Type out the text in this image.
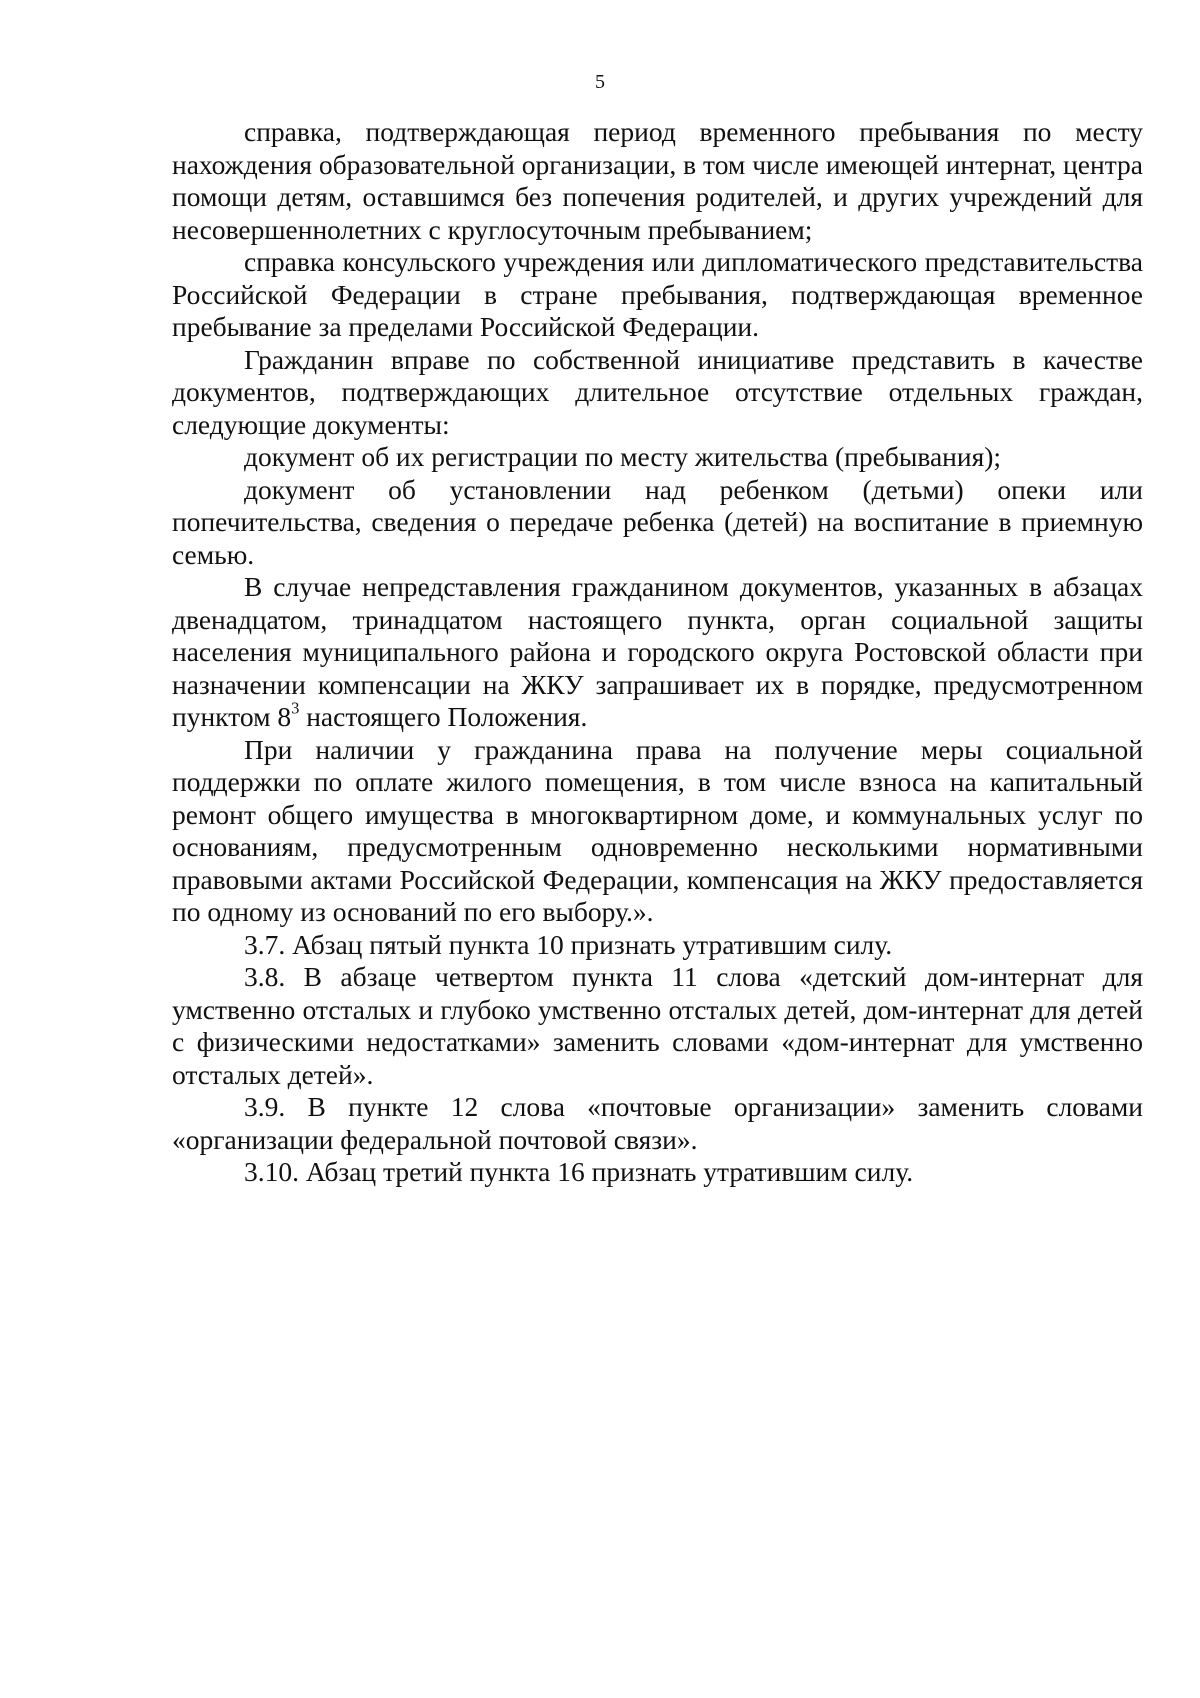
5

справка, подтверждающая период временного пребывания по месту нахождения образовательной организации, в том числе имеющей интернат, центра помощи детям, оставшимся без попечения родителей, и других учреждений для несовершеннолетних с круглосуточным пребыванием;

справка консульского учреждения или дипломатического представительства Российской Федерации в стране пребывания, подтверждающая временное пребывание за пределами Российской Федерации.

Гражданин вправе по собственной инициативе представить в качестве документов, подтверждающих длительное отсутствие отдельных граждан, следующие документы:

документ об их регистрации по месту жительства (пребывания);

документ об установлении над ребенком (детьми) опеки или попечительства, сведения о передаче ребенка (детей) на воспитание в приемную семью.

В случае непредставления гражданином документов, указанных в абзацах двенадцатом, тринадцатом настоящего пункта, орган социальной защиты населения муниципального района и городского округа Ростовской области при назначении компенсации на ЖКУ запрашивает их в порядке, предусмотренном пунктом $8^3$ настоящего Положения.

При наличии у гражданина права на получение меры социальной поддержки по оплате жилого помещения, в том числе взноса на капитальный ремонт общего имущества в многоквартирном доме, и коммунальных услуг по основаниям, предусмотренным одновременно несколькими нормативными правовыми актами Российской Федерации, компенсация на ЖКУ предоставляется по одному из оснований по его выбору.».

3.7. Абзац пятый пункта 10 признать утратившим силу.

3.8. В абзаце четвертом пункта 11 слова «детский дом-интернат для умственно отсталых и глубоко умственно отсталых детей, дом-интернат для детей с физическими недостатками» заменить словами «дом-интернат для умственно отсталых детей».

3.9. В пункте 12 слова «почтовые организации» заменить словами «организации федеральной почтовой связи».

3.10. Абзац третий пункта 16 признать утратившим силу.
